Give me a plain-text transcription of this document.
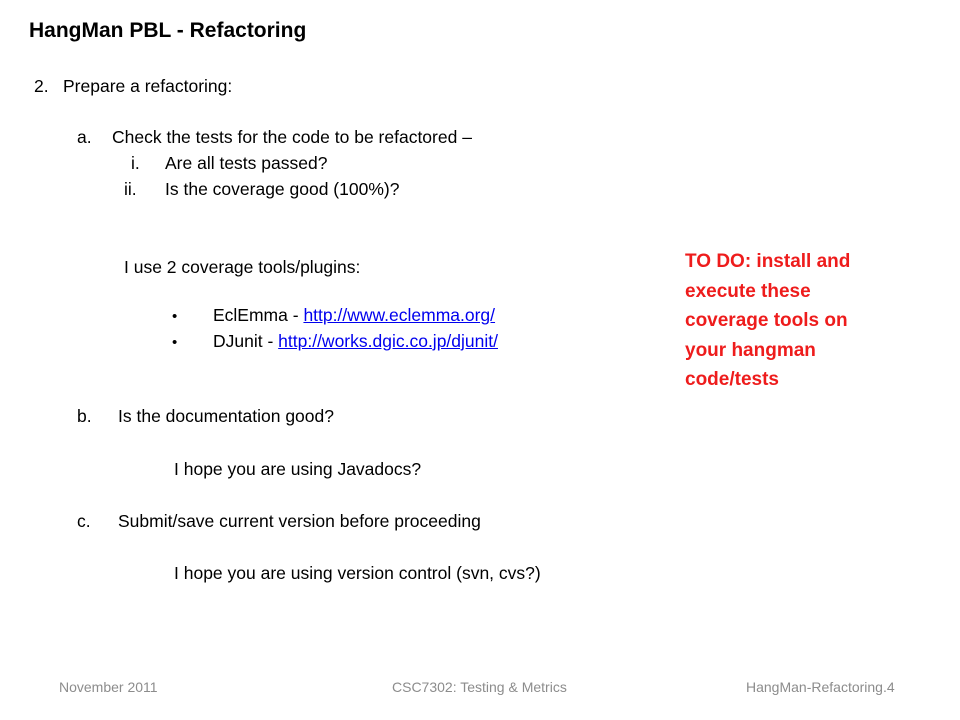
HangMan PBL - Refactoring
2. Prepare a refactoring:
a. Check the tests for the code to be refactored –
i. Are all tests passed?
ii. Is the coverage good (100%)?
I use 2 coverage tools/plugins:
• EclEmma - http://www.eclemma.org/
• DJunit - http://works.dgic.co.jp/djunit/
b. Is the documentation good?
I hope you are using Javadocs?
c. Submit/save current version before proceeding
I hope you are using version control (svn, cvs?)
TO DO: install and execute these coverage tools on your hangman code/tests
November 2011	CSC7302: Testing & Metrics	HangMan-Refactoring.4
